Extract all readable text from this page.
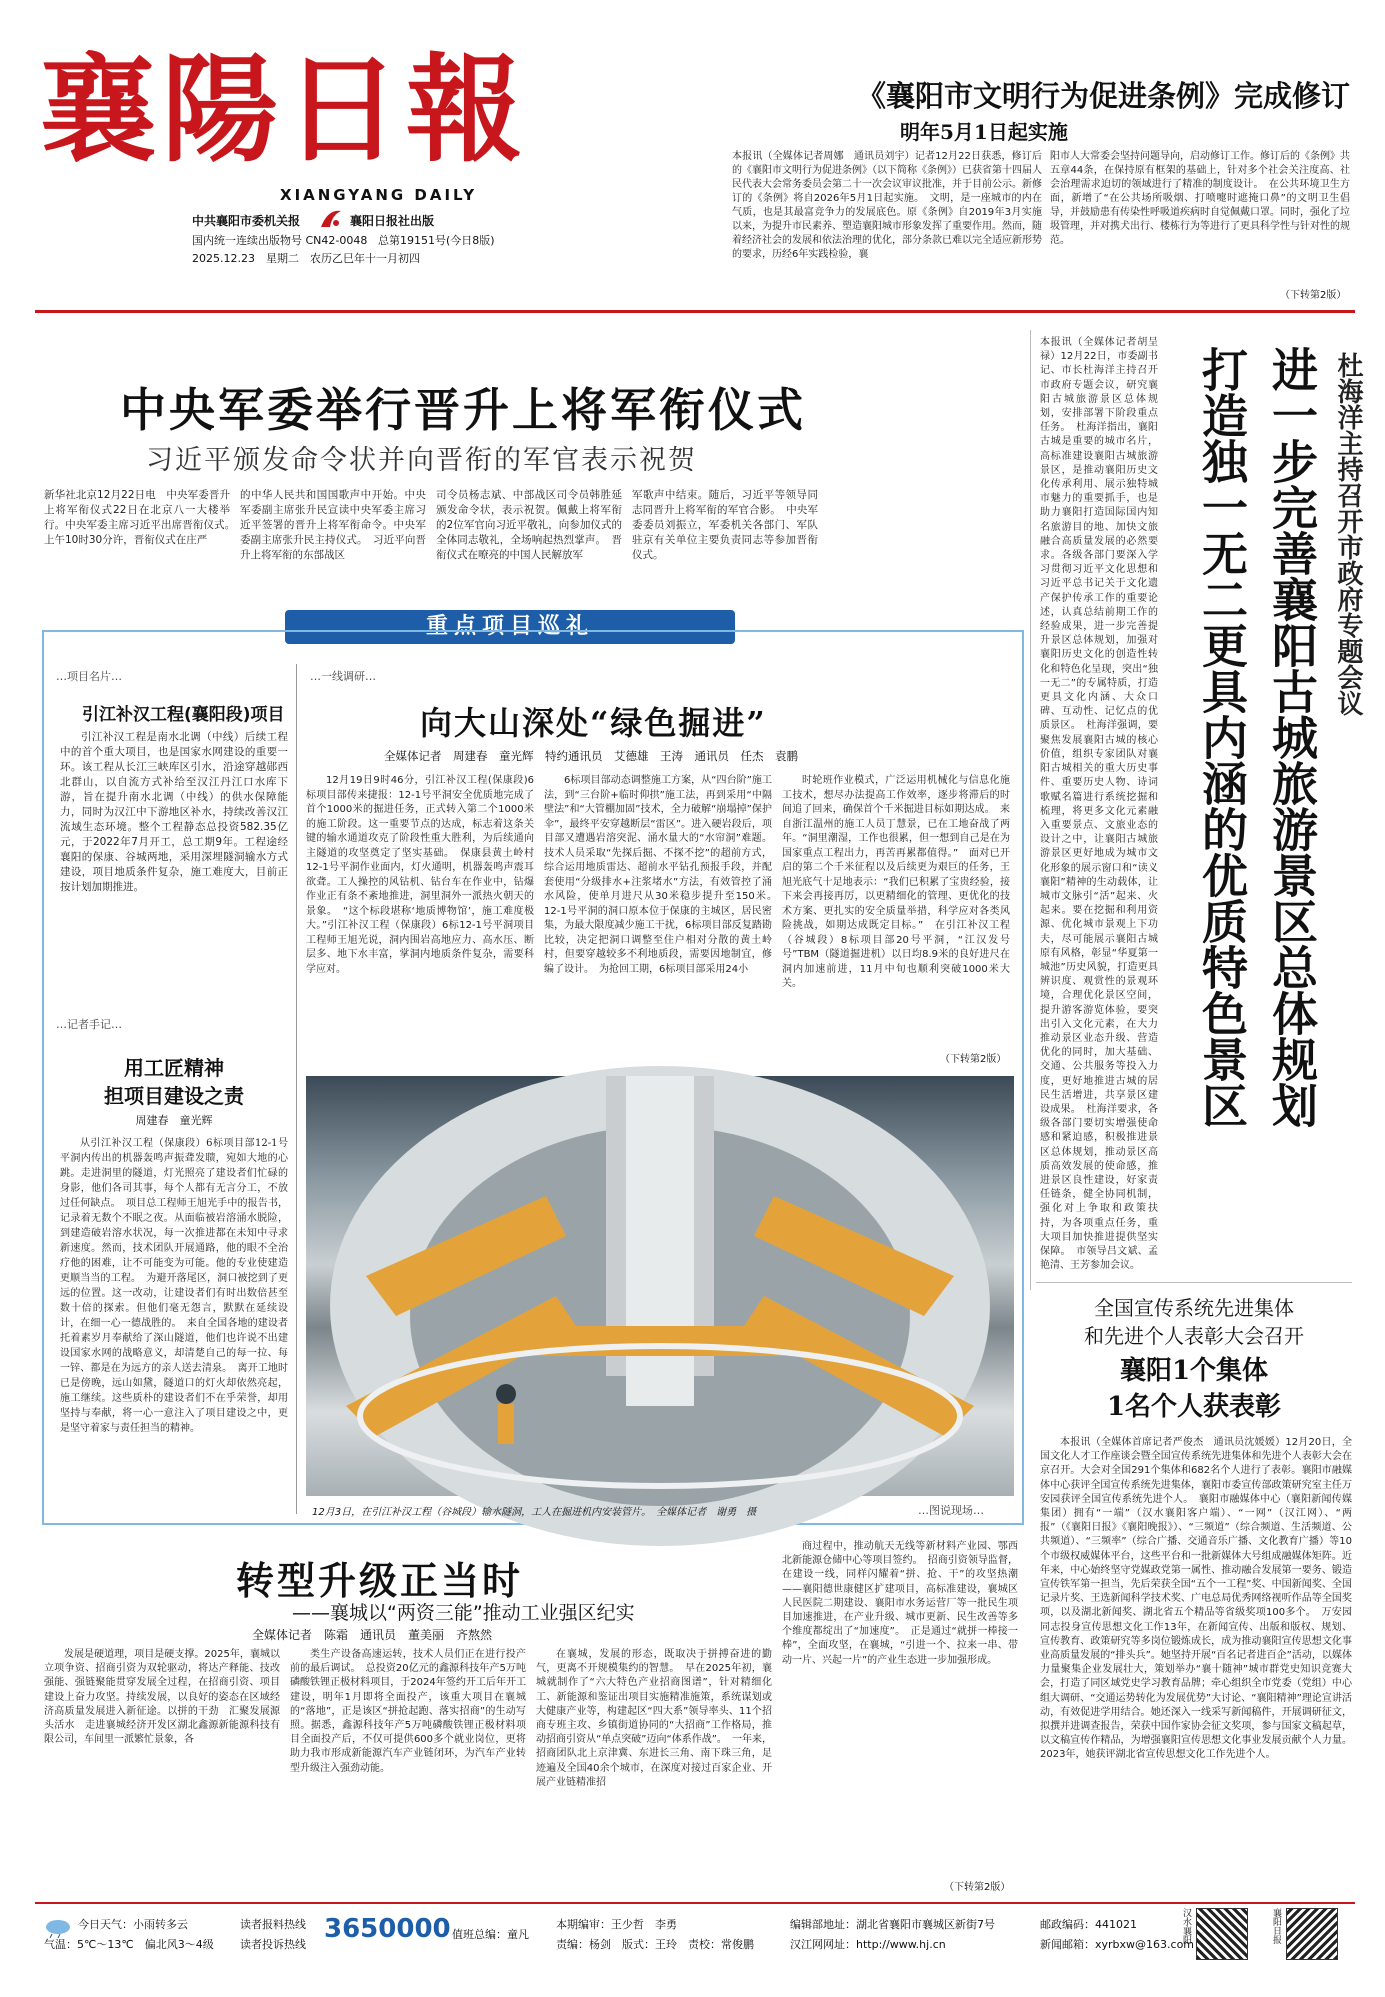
襄陽日報
XIANGYANG DAILY
中共襄阳市委机关报	襄阳日报社出版
国内统一连续出版物号 CN42-0048 总第19151号(今日8版)
2025.12.23　星期二　农历乙巳年十一月初四
《襄阳市文明行为促进条例》完成修订
明年5月1日起实施
本报讯（全媒体记者周娜　通讯员刘宇）记者12月22日获悉，修订后的《襄阳市文明行为促进条例》（以下简称《条例》）已获省第十四届人民代表大会常务委员会第二十一次会议审议批准，并于目前公示。新修订的《条例》将自2026年5月1日起实施。　文明，是一座城市的内在气质，也是其最富竞争力的发展底色。原《条例》自2019年3月实施以来，为提升市民素养、塑造襄阳城市形象发挥了重要作用。然而，随着经济社会的发展和依法治理的优化，部分条款已难以完全适应新形势的要求，历经6年实践检验，襄
阳市人大常委会坚持问题导向，启动修订工作。修订后的《条例》共五章44条，在保持原有框架的基础上，针对多个社会关注度高、社会治理需求迫切的领域进行了精准的制度设计。　在公共环境卫生方面，新增了“在公共场所吸烟、打喷嚏时遮掩口鼻”的文明卫生倡导，并鼓励患有传染性呼吸道疾病时自觉佩戴口罩。同时，强化了垃圾管理，并对携犬出行、楼栋行为等进行了更具科学性与针对性的规范。
（下转第2版）
中央军委举行晋升上将军衔仪式
习近平颁发命令状并向晋衔的军官表示祝贺
新华社北京12月22日电　中央军委晋升上将军衔仪式22日在北京八一大楼举行。中央军委主席习近平出席晋衔仪式。　上午10时30分许，晋衔仪式在庄严
的中华人民共和国国歌声中开始。中央军委副主席张升民宣读中央军委主席习近平签署的晋升上将军衔命令。中央军委副主席张升民主持仪式。　习近平向晋升上将军衔的东部战区
司令员杨志斌、中部战区司令员韩胜延颁发命令状，表示祝贺。佩戴上将军衔的2位军官向习近平敬礼，向参加仪式的全体同志敬礼，全场响起热烈掌声。　晋衔仪式在嘹亮的中国人民解放军
军歌声中结束。随后，习近平等领导同志同晋升上将军衔的军官合影。　中央军委委员刘振立，军委机关各部门、军队驻京有关单位主要负责同志等参加晋衔仪式。
重点项目巡礼
…项目名片…
引江补汉工程(襄阳段)项目

引江补汉工程是南水北调（中线）后续工程中的首个重大项目，也是国家水网建设的重要一环。该工程从长江三峡库区引水，沿途穿越郧西北群山，以自流方式补给至汉江丹江口水库下游，旨在提升南水北调（中线）的供水保障能力，同时为汉江中下游地区补水，持续改善汉江流域生态环境。整个工程静态总投资582.35亿元，于2022年7月开工，总工期9年。工程途经襄阳的保康、谷城两地，采用深埋隧洞输水方式建设，项目地质条件复杂，施工难度大，目前正按计划加期推进。

…记者手记…
用工匠精神
担项目建设之责
周建春　童光辉

从引江补汉工程（保康段）6标项目部12-1号平洞内传出的机器轰鸣声振聋发聩，宛如大地的心跳。走进洞里的隧道，灯光照亮了建设者们忙碌的身影，他们各司其事，每个人都有无言分工，不放过任何缺点。　项目总工程师王旭光手中的报告书，记录着无数个不眠之夜。从面临被岩溶涌水脱险，到建造破岩溶水状况，每一次推进都在未知中寻求新速度。然而，技术团队开展通路，他的眼不全治疗他的困难，让不可能变为可能。他的专业使建造更顺当当的工程。　为避开落尾区，洞口被挖到了更远的位置。这一改动，让建设者们有时出数倍甚至数十倍的探索。但他们毫无怨言，默默在延续设计，在细一心一德战胜的。　来自全国各地的建设者托着素岁月奉献给了深山隧道，他们也许说不出建设国家水网的战略意义，却清楚自己的每一拉、每一锌、都是在为远方的亲人送去清泉。　离开工地时已是傍晚，远山如黛，隧道口的灯火却依然亮起，施工继续。这些质朴的建设者们不在乎荣誉，却用坚持与奉献，将一心一意注入了项目建设之中，更是坚守着家与责任担当的精神。

…一线调研…
向大山深处“绿色掘进”
全媒体记者　周建春　童光辉　特约通讯员　艾德雄　王涛　通讯员　任杰　袁鹏

12月19日9时46分，引江补汉工程(保康段)6标项目部传来捷报：12-1号平洞安全优质地完成了首个1000米的掘进任务，正式转入第二个1000米的施工阶段。这一重要节点的达成，标志着这条关键的输水通道攻克了阶段性重大胜利，为后续通向主隧道的攻坚奠定了坚实基础。　保康县黄土岭村12-1号平洞作业面内，灯火通明，机器轰鸣声震耳欲聋。工人操控的风钻机、钻台车在作业中，钻爆作业正有条不紊地推进，洞里洞外一派热火朝天的景象。　“这个标段堪称‘地质博物馆’，施工难度极大。”引江补汉工程（保康段）6标12-1号平洞项目工程师王旭光说，洞内围岩高地应力、高水压、断层多、地下水丰富，掌洞内地质条件复杂，需要科学应对。

6标项目部动态调整施工方案，从“四台阶”施工法，到“三台阶+临时仰拱”施工法，再到采用“中隔壁法”和“大管棚加固”技术，全力破解“崩塌掉”保护伞”，最终平安穿越断层“雷区”。进入硬岩段后，项目部又遭遇岩溶突泥、涌水量大的“水帘洞”难题。技术人员采取“先探后掘、不探不挖”的超前方式，综合运用地质雷达、超前水平钻孔预报手段，并配套使用“分级排水+注浆堵水”方法，有效管控了涌水风险，使单月进尺从30米稳步提升至150米。　12-1号平洞的洞口原本位于保康的主城区，居民密集，为最大限度减少施工干扰，6标项目部反复踏勘比较，决定把洞口调整至住户相对分散的黄土岭村，但要穿越较多不利地质段，需要因地制宜，修编了设计。　为抢回工期，6标项目部采用24小

时轮班作业模式，广泛运用机械化与信息化施工技术，想尽办法提高工作效率，逐步将滞后的时间追了回来，确保首个千米掘进目标如期达成。　来自浙江温州的施工人员丁慧景，已在工地奋战了两年。“洞里潮湿，工作也很累，但一想到自己是在为国家重点工程出力，再苦再累都值得。”　面对已开启的第二个千米征程以及后续更为艰巨的任务，王旭光底气十足地表示：“我们已积累了宝贵经验，接下来会再接再厉，以更精细化的管理、更优化的技术方案、更扎实的安全质量举措，科学应对各类风险挑战，如期达成既定目标。”　在引江补汉工程（谷城段）8标项目部20号平洞，“江汉发号号”TBM（隧道掘进机）以日均8.9米的良好进尺在洞内加速前进，11月中旬也顺利突破1000米大关。

（下转第2版）
12月3日，在引江补汉工程（谷城段）输水隧洞，工人在掘进机内安装管片。　全媒体记者　谢勇　摄	…图说现场…
本报讯（全媒体记者胡呈禄）12月22日，市委副书记、市长杜海洋主持召开市政府专题会议，研究襄阳古城旅游景区总体规划，安排部署下阶段重点任务。　杜海洋指出，襄阳古城是重要的城市名片，高标准建设襄阳古城旅游景区，是推动襄阳历史文化传承利用、展示独特城市魅力的重要抓手，也是助力襄阳打造国际国内知名旅游目的地、加快文旅融合高质量发展的必然要求。各级各部门要深入学习贯彻习近平文化思想和习近平总书记关于文化遗产保护传承工作的重要论述，认真总结前期工作的经验成果，进一步完善提升景区总体规划，加强对襄阳历史文化的创造性转化和特色化呈现，突出“独一无二”的专属特质，打造更具文化内涵、大众口碑、互动性、记忆点的优质景区。　杜海洋强调，要聚焦发展襄阳古城的核心价值，组织专家团队对襄阳古城相关的重大历史事件、重要历史人物、诗词歌赋名篇进行系统挖掘和梳理，将更多文化元素融入重要景点、文旅业态的设计之中，让襄阳古城旅游景区更好地成为城市文化形象的展示窗口和“读义襄阳”精神的生动载体，让城市文脉引“活”起来、火起来。要在挖掘和利用资源、优化城市景观上下功夫，尽可能展示襄阳古城原有风格，彰显“华夏第一城池”历史风貌，打造更具辨识度、观赏性的景观环境，合理优化景区空间，提升游客游览体验，要突出引入文化元素，在大力推动景区业态升级、营造优化的同时，加大基础、交通、公共服务等投入力度，更好地推进古城的居民生活增进，共享景区建设成果。　杜海洋要求，各级各部门要切实增强使命感和紧迫感，积极推进景区总体规划，推动景区高质高效发展的使命感，推进景区良性建设，好家责任链条，健全协同机制，强化对上争取和政策扶持，为各项重点任务，重大项目加快推进提供坚实保障。　市领导吕文斌、孟艳清、王芳参加会议。
杜海洋主持召开市政府专题会议
进一步完善襄阳古城旅游景区总体规划
打造独一无二更具内涵的优质特色景区
全国宣传系统先进集体
和先进个人表彰大会召开
襄阳1个集体
1名个人获表彰

本报讯（全媒体首席记者严俊杰　通讯员沈媛媛）12月20日，全国文化人才工作座谈会暨全国宣传系统先进集体和先进个人表彰大会在京召开。大会对全国291个集体和682名个人进行了表彰。襄阳市融媒体中心获评全国宣传系统先进集体，襄阳市委宣传部政策研究室主任万安园获评全国宣传系统先进个人。　襄阳市融媒体中心（襄阳新闻传媒集团）拥有“一端”（汉水襄阳客户端）、“一网”（汉江网）、“两报”（《襄阳日报》《襄阳晚报》）、“三频道”（综合频道、生活频道、公共频道）、“三频率”（综合广播、交通音乐广播、文化教育广播）等10个市级权威媒体平台，这些平台和一批新媒体大号组成融媒体矩阵。近年来，中心始终坚守党媒政党第一属性、推动融合发展第一要务、锻造宣传铁军第一担当，先后荣获全国“五个一工程”奖、中国新闻奖、全国记录片奖、王选新闻科学技术奖、广电总局优秀网络视听作品等全国奖项，以及湖北新闻奖、湖北省五个精品等省级奖项100多个。　万安园同志投身宣传思想文化工作13年，在新闻宣传、出版和版权、规划、宣传教育、政策研究等多岗位锻炼成长，成为推动襄阳宣传思想文化事业高质量发展的“排头兵”。她坚持开展“百名记者进百企”活动，以媒体力量聚集企业发展壮大，策划举办“襄十随神”城市群党史知识竞赛大会，打造了同区域党史学习教育品牌；牵心组织全市党委（党组）中心组大调研、“交通运势转化为发展优势”大讨论、“襄阳精神”理论宣讲活动，有效促进学用结合。她还深入一线采写新闻稿件，开展调研征文，拟撰并进调查报告，荣获中国作家协会征文奖项，参与国家文稿起草，以文稿宣传作精品，为增强襄阳宣传思想文化事业发展贡献个人力量。2023年，她获评湖北省宣传思想文化工作先进个人。

转型升级正当时
——襄城以“两资三能”推动工业强区纪实
全媒体记者　陈霜　通讯员　董美丽　齐熬然

发展是硬道理，项目是硬支撑。2025年，襄城以立项争资、招商引资为双轮驱动，将达产释能、技改强能、强链聚能贯穿发展全过程，在招商引资、项目建设上奋力攻坚。持续发展，以良好的姿态在区域经济高质量发展进入新征途。以拼的干劲　汇聚发展源头活水　走进襄城经济开发区湖北鑫源新能源科技有限公司，车间里一派繁忙景象，各

类生产设备高速运转，技术人员们正在进行投产前的最后调试。　总投资20亿元的鑫源科技年产5万吨磷酸铁锂正极材料项目，于2024年签约开工后年开工建设，明年1月即将全面投产，该重大项目在襄城的“落地”，正是该区“拼抢起跑、落实招商”的生动写照。据悉，鑫源科技年产5万吨磷酸铁锂正极材料项目全面投产后，不仅可提供600多个就业岗位，更将助力我市形成新能源汽车产业链闭环，为汽车产业转型升级注入强劲动能。

在襄城，发展的形态，既取决于拼搏奋进的勤气，更离不开规模集约的智慧。　早在2025年初，襄城就制作了“六大特色产业招商图谱”，针对精细化工、新能源和鉴证出项目实施精准施策，系统谋划或大健康产业等，构建起区“四大系”领导率头、11个招商专班主攻、乡镇街道协同的“大招商”工作格局，推动招商引资从“单点突破”迈向“体系作战”。　一年来，招商团队北上京津冀、东进长三角、南下珠三角，足迹遍及全国40余个城市，在深度对接过百家企业、开展产业链精准招

商过程中，推动航天无线等新材料产业园、鄂西北新能源仓储中心等项目签约。　招商引资领导监督，在建设一线，同样闪耀着“拼、抢、干”的攻坚热潮——襄阳德世康健区扩建项目，高标准建设，襄城区人民医院二期建设、襄阳市水务运营厂等一批民生项目加速推进，在产业升级、城市更新、民生改善等多个维度都绽出了“加速度”。　正是通过“就拼一棒接一棒”，全面攻坚，在襄城，“引进一个、拉来一串、带动一片、兴起一片”的产业生态进一步加强形成。

（下转第2版）
今日天气：小雨转多云
气温：5℃～13℃　偏北风3～4级
读者报料热线
读者投诉热线
3650000 值班总编：童凡
本期编审：王少哲　李勇
责编：杨剑　版式：王玲　责校：常俊鹏
编辑部地址：湖北省襄阳市襄城区新街7号
汉江网网址：http://www.hj.cn
邮政编码：441021
新闻邮箱：xyrbxw@163.com
汉水襄阳	襄阳日报
